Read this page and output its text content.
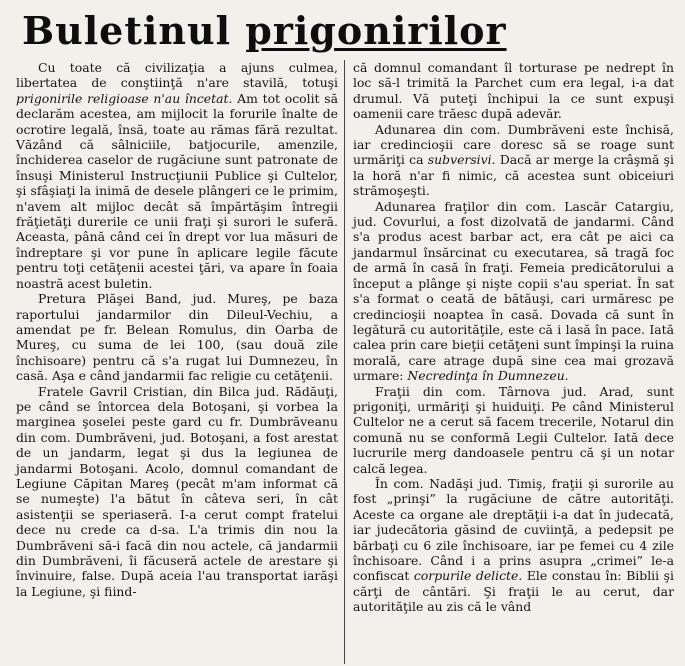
Buletinul prigonirilor

Cu toate că civilizaţia a ajuns culmea, libertatea de conştiinţă n'are stavilă, totuşi prigonirile religioase n'au încetat. Am tot ocolit să declarăm acestea, am mijlocit la forurile înalte de ocrotire legală, însă, toate au rămas fără rezultat. Văzând că sâlniciile, batjocurile, amenzile, închiderea caselor de rugăciune sunt patronate de însuşi Ministerul Instrucţiunii Publice şi Cultelor, şi sfâşiaţi la inimă de desele plângeri ce le primim, n'avem alt mijloc decât să împărtăşim întregii frăţietăţi durerile ce unii fraţi şi surori le suferă. Aceasta, până când cei în drept vor lua măsuri de îndreptare şi vor pune în aplicare legile făcute pentru toţi cetăţenii acestei ţări, va apare în foaia noastră acest buletin.

Pretura Plăşei Band, jud. Mureş, pe baza raportului jandarmilor din Dileul-Vechiu, a amendat pe fr. Belean Romulus, din Oarba de Mureş, cu suma de lei 100, (sau două zile închisoare) pentru că s'a rugat lui Dumnezeu, în casă. Aşa e când jandarmii fac religie cu cetăţenii.

Fratele Gavril Cristian, din Bilca jud. Rădăuţi, pe când se întorcea dela Botoşani, şi vorbea la marginea şoselei peste gard cu fr. Dumbrăveanu din com. Dumbrăveni, jud. Botoşani, a fost arestat de un jandarm, legat şi dus la legiunea de jandarmi Botoşani. Acolo, domnul comandant de Legiune Căpitan Mareş (pecât m'am informat că se numeşte) l'a bătut în câteva seri, în cât asistenţii se speriaseră. I-a cerut compt fratelui dece nu crede ca d-sa. L'a trimis din nou la Dumbrăveni să-i facă din nou actele, că jandarmii din Dumbrăveni, îi făcuseră actele de arestare şi învinuire, false. După aceia l'au transportat iarăşi la Legiune, şi fiind-

că domnul comandant îl torturase pe nedrept în loc să-l trimită la Parchet cum era legal, i-a dat drumul. Vă puteţi închipui la ce sunt expuşi oamenii care trăesc după adevăr.

Adunarea din com. Dumbrăveni este închisă, iar credincioşii care doresc să se roage sunt urmăriţi ca subversivi. Dacă ar merge la crâşmă şi la horă n'ar fi nimic, că acestea sunt obiceiuri strămoşeşti.

Adunarea fraţilor din com. Lascăr Catargiu, jud. Covurlui, a fost dizolvată de jandarmi. Când s'a produs acest barbar act, era cât pe aici ca jandarmul însărcinat cu executarea, să tragă foc de armă în casă în fraţi. Femeia predicătorului a început a plânge şi nişte copii s'au speriat. În sat s'a format o ceată de bătăuşi, cari urmăresc pe credincioşii noaptea în casă. Dovada că sunt în legătură cu autorităţile, este că i lasă în pace. Iată calea prin care bieţii cetăţeni sunt împinşi la ruina morală, care atrage după sine cea mai grozavă urmare: Necredinţa în Dumnezeu.

Fraţii din com. Târnova jud. Arad, sunt prigoniţi, urmăriţi şi huiduiţi. Pe când Ministerul Cultelor ne a cerut să facem trecerile, Notarul din comună nu se conformă Legii Cultelor. Iată dece lucrurile merg dandoasele pentru că şi un notar calcă legea.

În com. Nadăşi jud. Timiş, fraţii şi surorile au fost „prinşi” la rugăciune de către autorităţi. Aceste ca organe ale dreptăţii i-a dat în judecată, iar judecătoria găsind de cuviinţă, a pedepsit pe bărbaţi cu 6 zile închisoare, iar pe femei cu 4 zile închisoare. Când i a prins asupra „crimei” le-a confiscat corpurile delicte. Ele constau în: Biblii şi cărţi de cântări. Şi fraţii le au cerut, dar autorităţile au zis că le vând
